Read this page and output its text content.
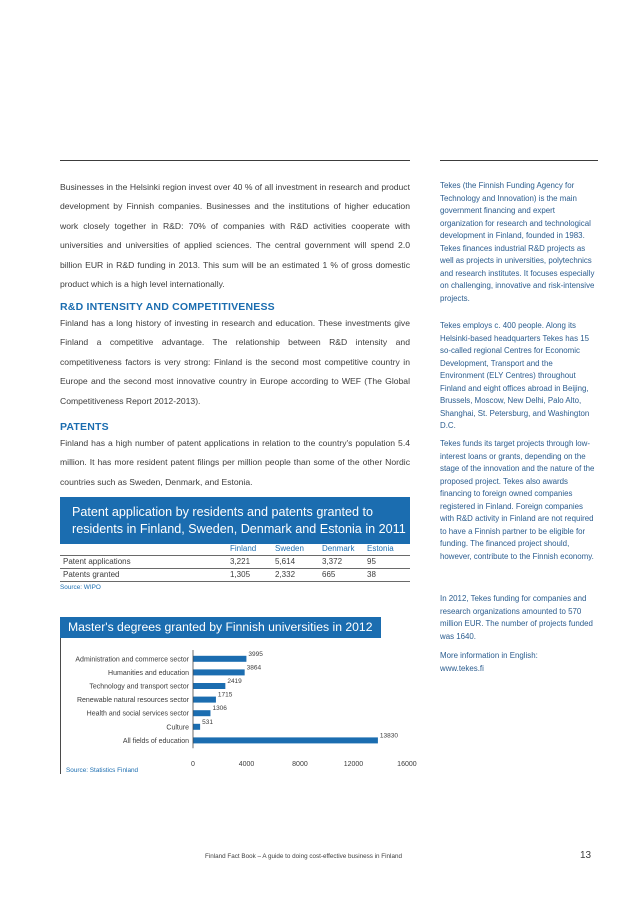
Businesses in the Helsinki region invest over 40 % of all investment in research and product development by Finnish companies. Businesses and the institutions of higher education work closely together in R&D: 70% of companies with R&D activities cooperate with universities and universities of applied sciences. The central government will spend 2.0 billion EUR in R&D funding in 2013. This sum will be an estimated 1 % of gross domestic product which is a high level internationally.
R&D INTENSITY AND COMPETITIVENESS
Finland has a long history of investing in research and education. These investments give Finland a competitive advantage. The relationship between R&D intensity and competitiveness factors is very strong: Finland is the second most competitive country in Europe and the second most innovative country in Europe according to WEF (The Global Competitiveness Report 2012-2013).
PATENTS
Finland has a high number of patent applications in relation to the country's population 5.4 million. It has more resident patent filings per million people than some of the other Nordic countries such as Sweden, Denmark, and Estonia.
Patent application by residents and patents granted to residents in Finland, Sweden, Denmark and Estonia in 2011
Finland Sweden Denmark Estonia
Patent applications	3,221	5,614	3,372	95
Patents granted	1,305	2,332	665	38
Source: WIPO
Master's degrees granted by Finnish universities in 2012
Administration and commerce sector
3995
Humanities and education
3864
Technology and transport sector
2419
Renewable natural resources sector
1715
Health and social services sector
1306
Culture
531
All fields of education
13830
0	4000	8000	12000	16000
Source: Statistics Finland
Tekes (the Finnish Funding Agency for Technology and Innovation) is the main government financing and expert organization for research and technological development in Finland, founded in 1983. Tekes finances industrial R&D projects as well as projects in universities, polytechnics and research institutes. It focuses especially on challenging, innovative and risk-intensive projects.
Tekes employs c. 400 people. Along its Helsinki-based headquarters Tekes has 15 so-called regional Centres for Economic Development, Transport and the Environment (ELY Centres) throughout Finland and eight offices abroad in Beijing, Brussels, Moscow, New Delhi, Palo Alto, Shanghai, St. Petersburg, and Washington D.C.
Tekes funds its target projects through low-interest loans or grants, depending on the stage of the innovation and the nature of the proposed project. Tekes also awards financing to foreign owned companies registered in Finland. Foreign companies with R&D activity in Finland are not required to have a Finnish partner to be eligible for funding. The financed project should, however, contribute to the Finnish economy.
In 2012, Tekes funding for companies and research organizations amounted to 570 million EUR. The number of projects funded was 1640.
More information in English: www.tekes.fi
Finland Fact Book – A guide to doing cost-effective business in Finland	13
